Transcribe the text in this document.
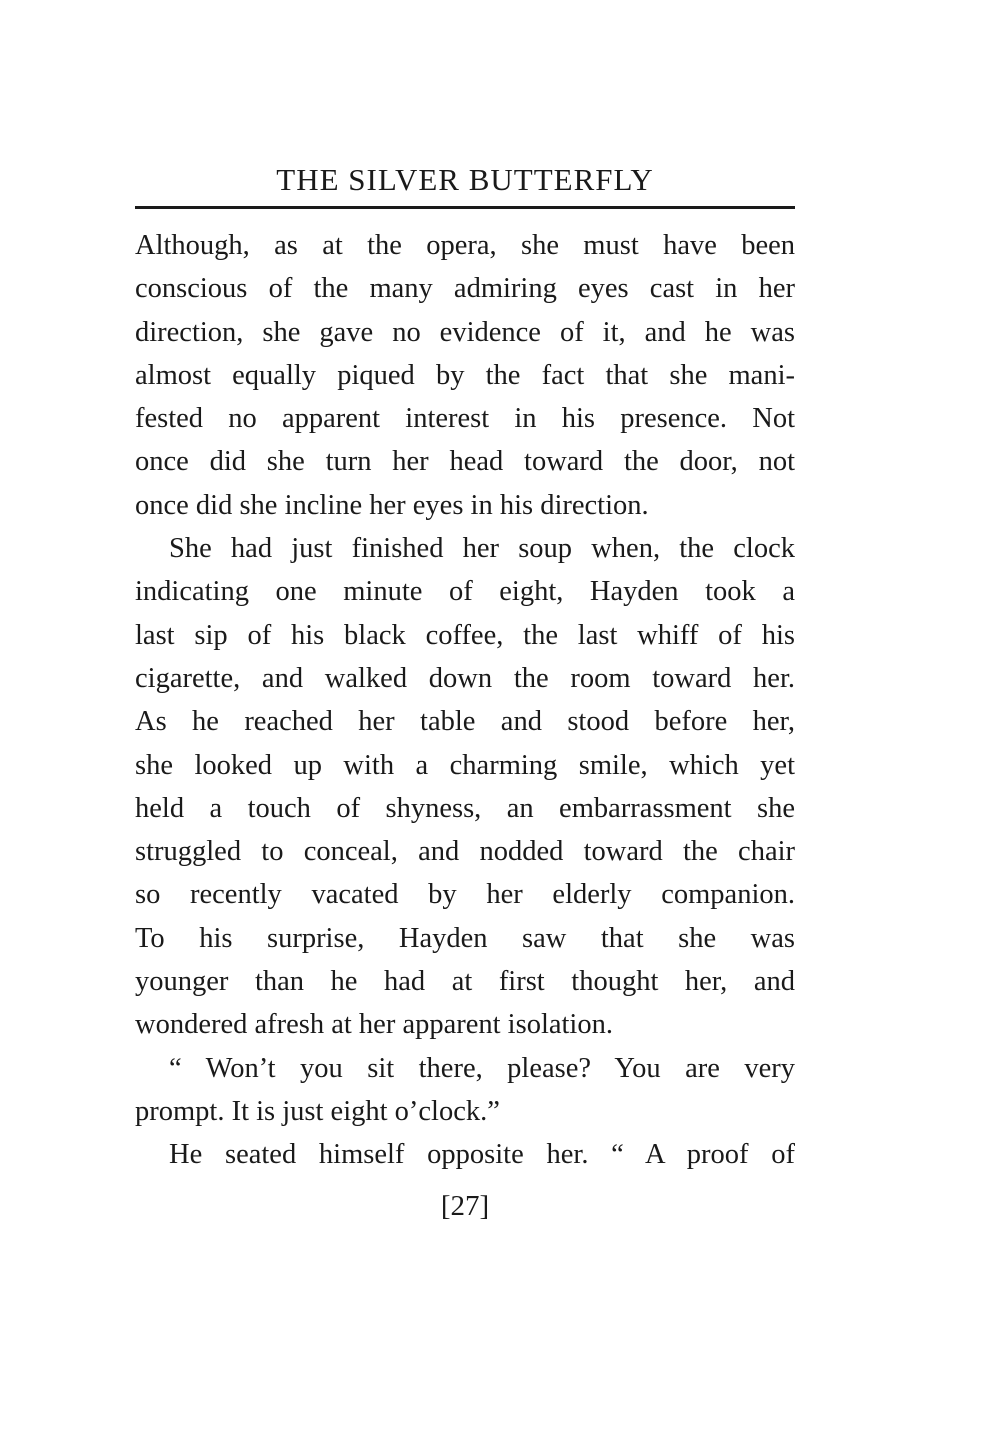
THE SILVER BUTTERFLY
Although, as at the opera, she must have been
conscious of the many admiring eyes cast in her
direction, she gave no evidence of it, and he was
almost equally piqued by the fact that she mani-
fested no apparent interest in his presence. Not
once did she turn her head toward the door, not
once did she incline her eyes in his direction.
She had just finished her soup when, the clock
indicating one minute of eight, Hayden took a
last sip of his black coffee, the last whiff of his
cigarette, and walked down the room toward her.
As he reached her table and stood before her,
she looked up with a charming smile, which yet
held a touch of shyness, an embarrassment she
struggled to conceal, and nodded toward the chair
so recently vacated by her elderly companion.
To his surprise, Hayden saw that she was
younger than he had at first thought her, and
wondered afresh at her apparent isolation.
“ Won’t you sit there, please? You are very
prompt. It is just eight o’clock.”
He seated himself opposite her. “ A proof of
[27]
